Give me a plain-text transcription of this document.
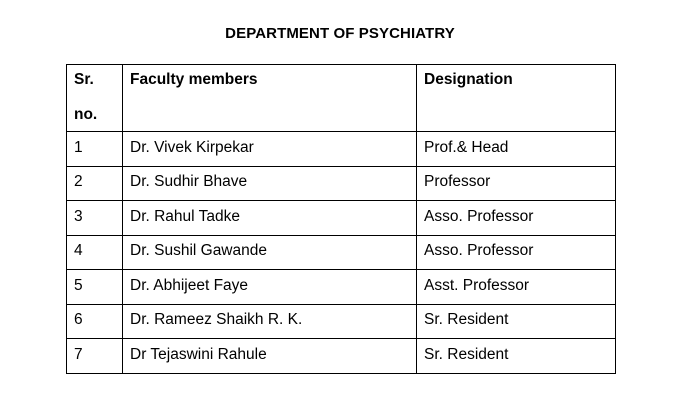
DEPARTMENT OF PSYCHIATRY
Sr.
no.	Faculty members	Designation
1	Dr. Vivek Kirpekar	Prof.& Head
2	Dr. Sudhir Bhave	Professor
3	Dr. Rahul Tadke	Asso. Professor
4	Dr. Sushil Gawande	Asso. Professor
5	Dr. Abhijeet Faye	Asst. Professor
6	Dr. Rameez Shaikh R. K.	Sr. Resident
7	Dr Tejaswini Rahule	Sr. Resident
